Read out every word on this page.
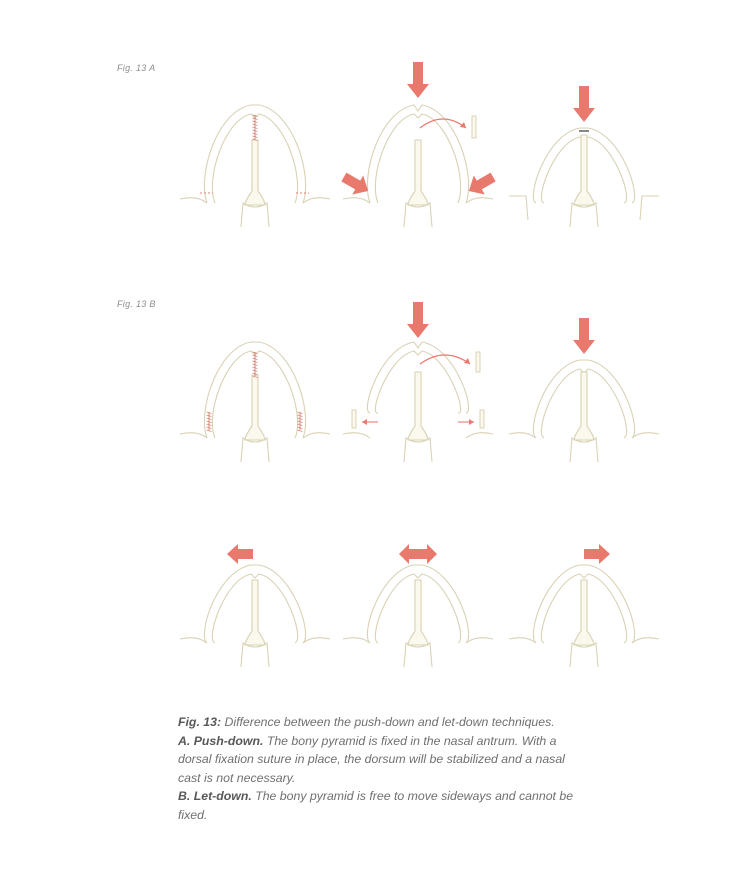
Fig. 13 A
Fig. 13 B

Fig. 13: Difference between the push-down and let-down techniques.

A. Push-down. The bony pyramid is fixed in the nasal antrum. With a dorsal fixation suture in place, the dorsum will be stabilized and a nasal cast is not necessary.

B. Let-down. The bony pyramid is free to move sideways and cannot be fixed.
